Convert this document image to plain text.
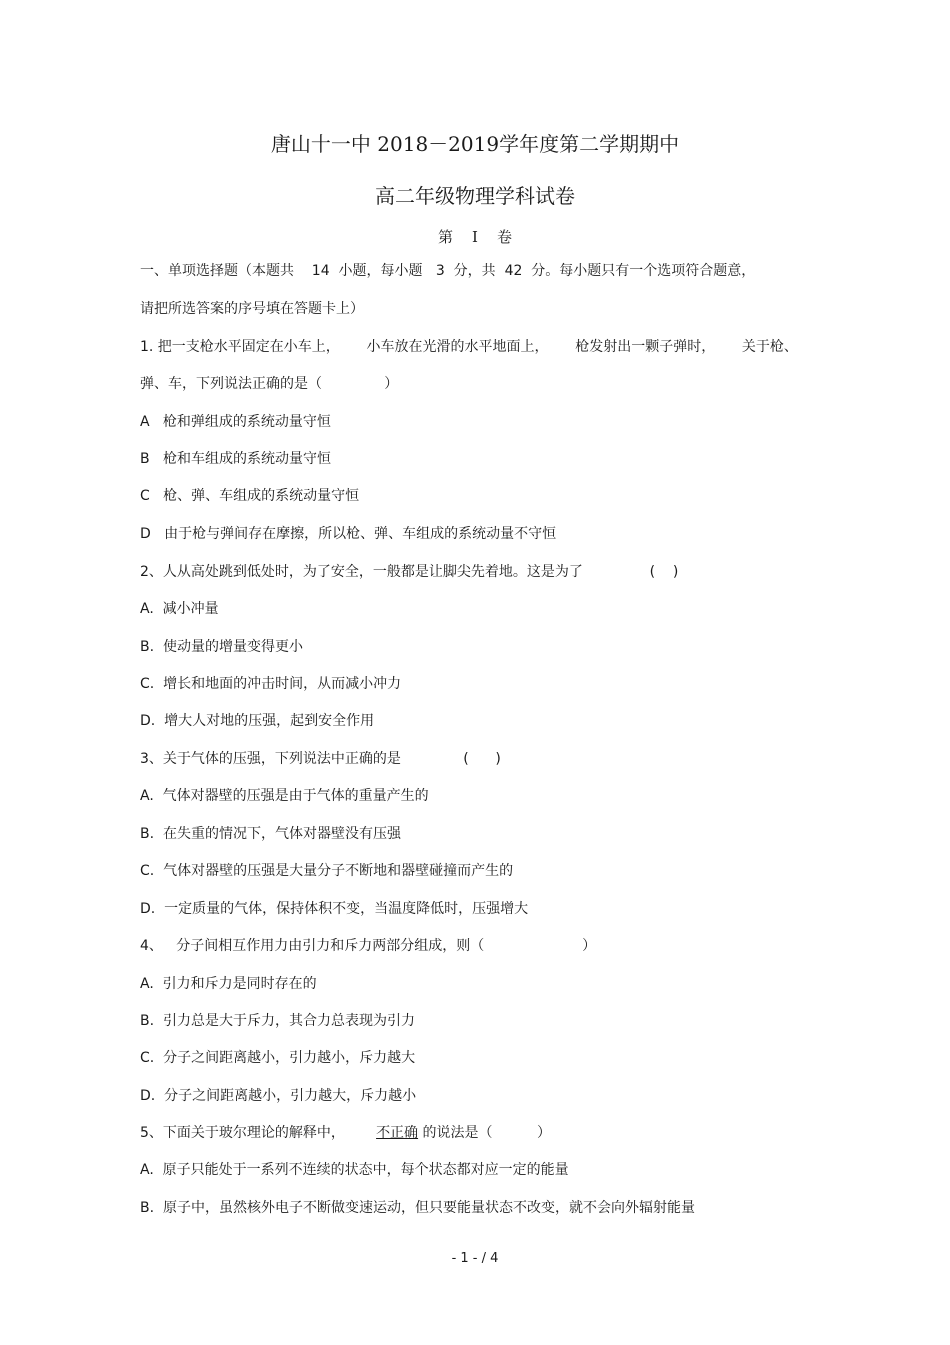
唐山十一中 2018－2019学年度第二学期期中
高二年级物理学科试卷
第    I    卷
一、单项选择题（本题共    14  小题，每小题   3  分，共  42  分。每小题只有一个选项符合题意，
请把所选答案的序号填在答题卡上）
1. 把一支枪水平固定在小车上，      小车放在光滑的水平地面上，      枪发射出一颗子弹时，      关于枪、
弹、车，下列说法正确的是（              ）
A   枪和弹组成的系统动量守恒
B   枪和车组成的系统动量守恒
C   枪、弹、车组成的系统动量守恒
D   由于枪与弹间存在摩擦，所以枪、弹、车组成的系统动量不守恒
2、人从高处跳到低处时，为了安全，一般都是让脚尖先着地。这是为了               (    )
A.  减小冲量
B.  使动量的增量变得更小
C.  增长和地面的冲击时间，从而减小冲力
D.  增大人对地的压强，起到安全作用
3、关于气体的压强，下列说法中正确的是              (      )
A.  气体对器壁的压强是由于气体的重量产生的
B.  在失重的情况下，气体对器壁没有压强
C.  气体对器壁的压强是大量分子不断地和器壁碰撞而产生的
D.  一定质量的气体，保持体积不变，当温度降低时，压强增大
4、   分子间相互作用力由引力和斥力两部分组成，则（                      ）
A.  引力和斥力是同时存在的
B.  引力总是大于斥力，其合力总表现为引力
C.  分子之间距离越小，引力越小，斥力越大
D.  分子之间距离越小，引力越大，斥力越小
5、下面关于玻尔理论的解释中，       不正确 的说法是（          ）
A.  原子只能处于一系列不连续的状态中，每个状态都对应一定的能量
B.  原子中，虽然核外电子不断做变速运动，但只要能量状态不改变，就不会向外辐射能量
- 1 - / 4
